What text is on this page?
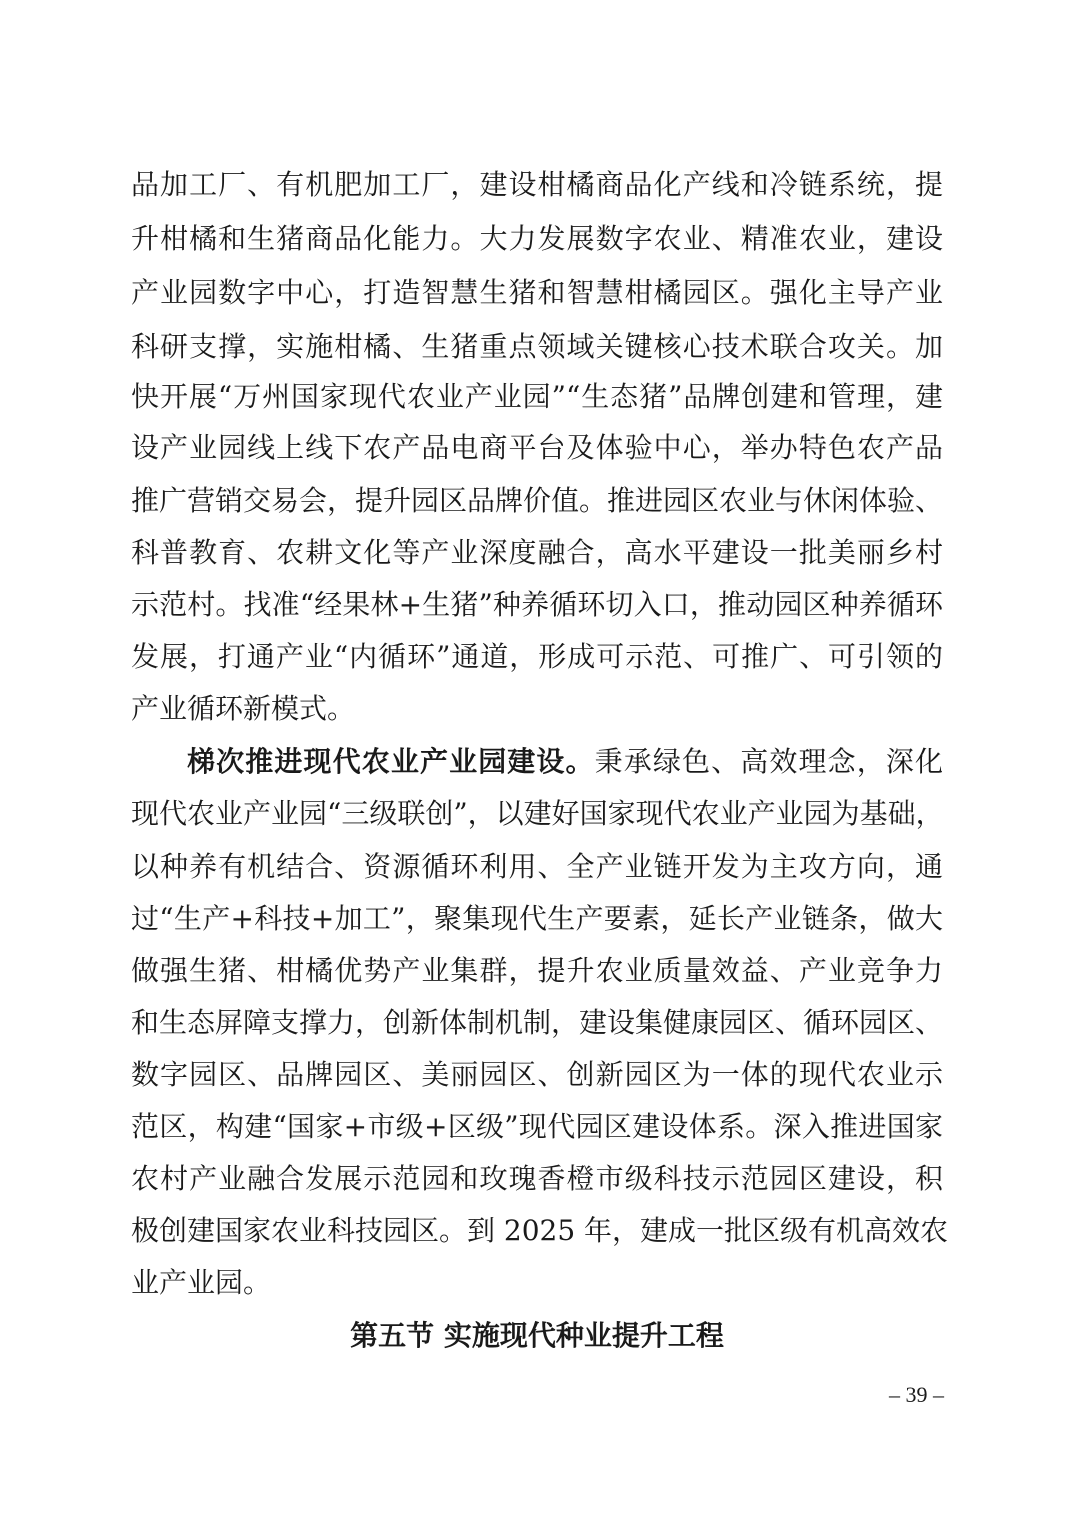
品加工厂、有机肥加工厂，建设柑橘商品化产线和冷链系统，提
升柑橘和生猪商品化能力。大力发展数字农业、精准农业，建设
产业园数字中心，打造智慧生猪和智慧柑橘园区。强化主导产业
科研支撑，实施柑橘、生猪重点领域关键核心技术联合攻关。加
快开展“万州国家现代农业产业园”“生态猪”品牌创建和管理，建
设产业园线上线下农产品电商平台及体验中心，举办特色农产品
推广营销交易会，提升园区品牌价值。推进园区农业与休闲体验、
科普教育、农耕文化等产业深度融合，高水平建设一批美丽乡村
示范村。找准“经果林+生猪”种养循环切入口，推动园区种养循环
发展，打通产业“内循环”通道，形成可示范、可推广、可引领的
产业循环新模式。
梯次推进现代农业产业园建设。秉承绿色、高效理念，深化
现代农业产业园“三级联创”，以建好国家现代农业产业园为基础，
以种养有机结合、资源循环利用、全产业链开发为主攻方向，通
过“生产+科技+加工”，聚集现代生产要素，延长产业链条，做大
做强生猪、柑橘优势产业集群，提升农业质量效益、产业竞争力
和生态屏障支撑力，创新体制机制，建设集健康园区、循环园区、
数字园区、品牌园区、美丽园区、创新园区为一体的现代农业示
范区，构建“国家+市级+区级”现代园区建设体系。深入推进国家
农村产业融合发展示范园和玫瑰香橙市级科技示范园区建设，积
极创建国家农业科技园区。到 2025 年，建成一批区级有机高效农
业产业园。
第五节 实施现代种业提升工程
– 39 –
